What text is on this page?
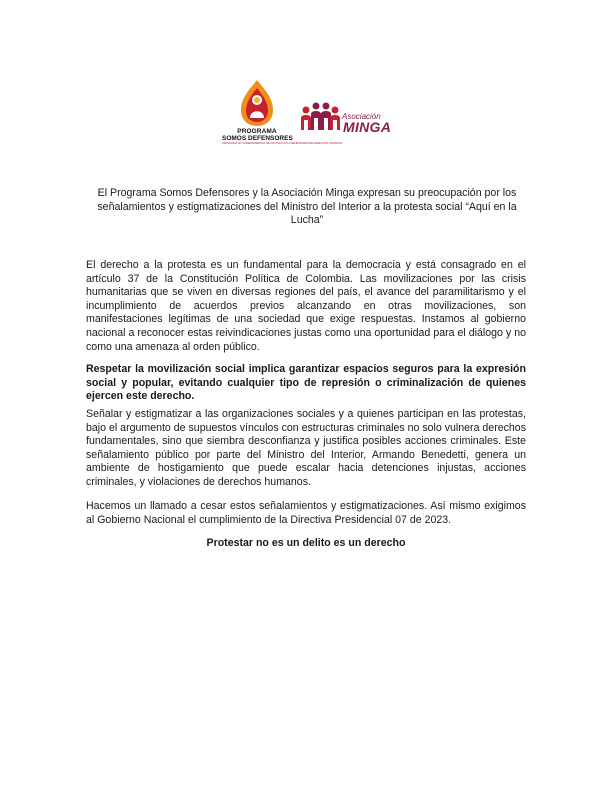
PROGRAMA
SOMOS DEFENSORES
PROGRAMA NO GUBERNAMENTAL DE PROTECCIÓN A DEFENSORES DE DERECHOS HUMANOS
Asociación
MINGA

El Programa Somos Defensores y la Asociación Minga expresan su preocupación por los señalamientos y estigmatizaciones del Ministro del Interior a la protesta social “Aquí en la Lucha”

El derecho a la protesta es un fundamental para la democracia y está consagrado en el artículo 37 de la Constitución Política de Colombia. Las movilizaciones por las crisis humanitarias que se viven en diversas regiones del país, el avance del paramilitarismo y el incumplimiento de acuerdos previos alcanzando en otras movilizaciones, son manifestaciones legítimas de una sociedad que exige respuestas. Instamos al gobierno nacional a reconocer estas reivindicaciones justas como una oportunidad para el diálogo y no como una amenaza al orden público.

Respetar la movilización social implica garantizar espacios seguros para la expresión social y popular, evitando cualquier tipo de represión o criminalización de quienes ejercen este derecho.

Señalar y estigmatizar a las organizaciones sociales y a quienes participan en las protestas, bajo el argumento de supuestos vínculos con estructuras criminales no solo vulnera derechos fundamentales, sino que siembra desconfianza y justifica posibles acciones criminales. Este señalamiento público por parte del Ministro del Interior, Armando Benedetti, genera un ambiente de hostigamiento que puede escalar hacia detenciones injustas, acciones criminales, y violaciones de derechos humanos.

Hacemos un llamado a cesar estos señalamientos y estigmatizaciones. Así mismo exigimos al Gobierno Nacional el cumplimiento de la Directiva Presidencial 07 de 2023.

Protestar no es un delito es un derecho
